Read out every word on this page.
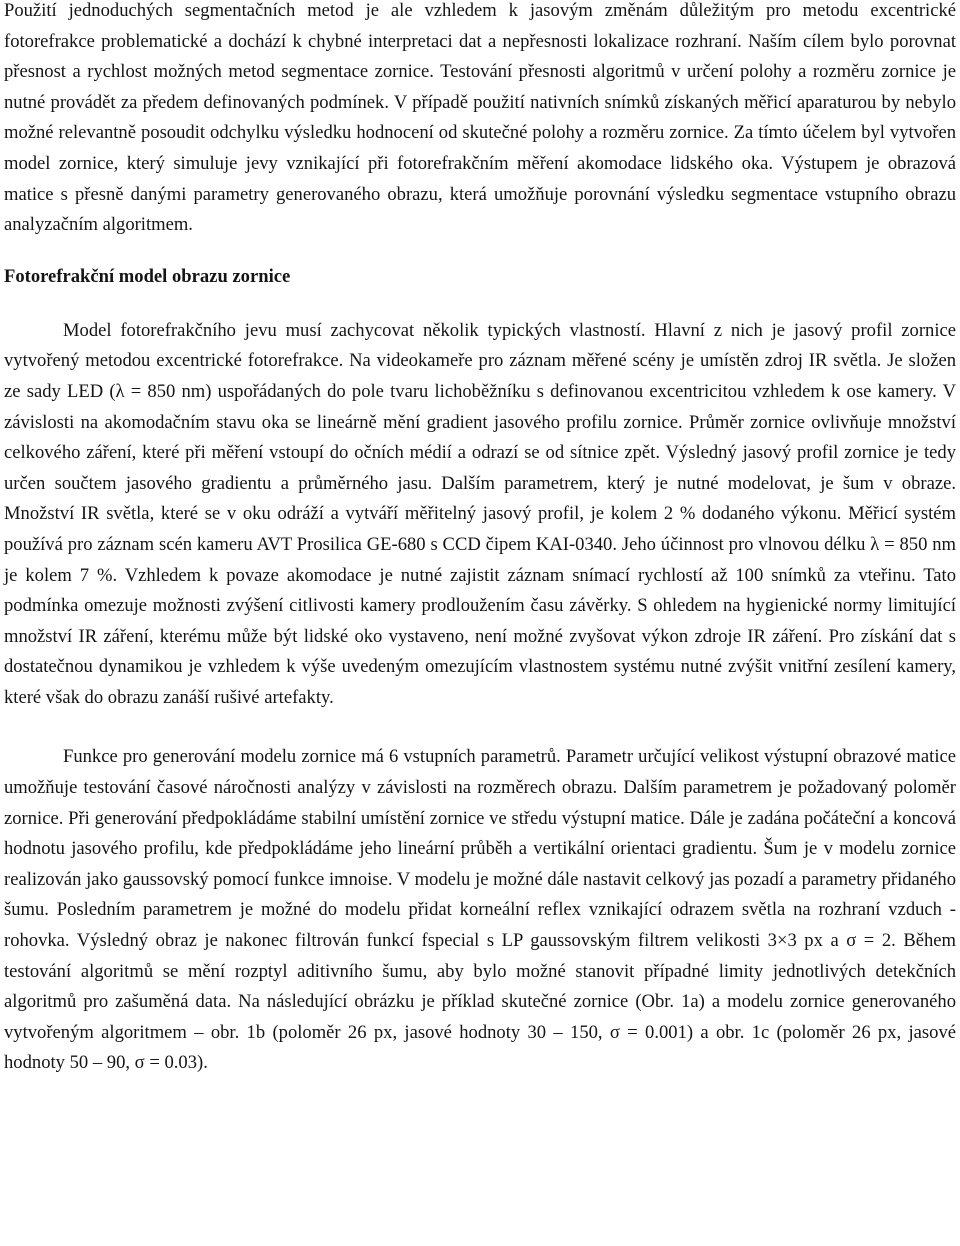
Použití jednoduchých segmentačních metod je ale vzhledem k jasovým změnám důležitým pro metodu excentrické fotorefrakce problematické a dochází k chybné interpretaci dat a nepřesnosti lokalizace rozhraní. Naším cílem bylo porovnat přesnost a rychlost možných metod segmentace zornice. Testování přesnosti algoritmů v určení polohy a rozměru zornice je nutné provádět za předem definovaných podmínek. V případě použití nativních snímků získaných měřicí aparaturou by nebylo možné relevantně posoudit odchylku výsledku hodnocení od skutečné polohy a rozměru zornice. Za tímto účelem byl vytvořen model zornice, který simuluje jevy vznikající při fotorefrakčním měření akomodace lidského oka. Výstupem je obrazová matice s přesně danými parametry generovaného obrazu, která umožňuje porovnání výsledku segmentace vstupního obrazu analyzačním algoritmem.

Fotorefrakční model obrazu zornice

Model fotorefrakčního jevu musí zachycovat několik typických vlastností. Hlavní z nich je jasový profil zornice vytvořený metodou excentrické fotorefrakce. Na videokameře pro záznam měřené scény je umístěn zdroj IR světla. Je složen ze sady LED (λ = 850 nm) uspořádaných do pole tvaru lichoběžníku s definovanou excentricitou vzhledem k ose kamery. V závislosti na akomodačním stavu oka se lineárně mění gradient jasového profilu zornice. Průměr zornice ovlivňuje množství celkového záření, které při měření vstoupí do očních médií a odrazí se od sítnice zpět. Výsledný jasový profil zornice je tedy určen součtem jasového gradientu a průměrného jasu. Dalším parametrem, který je nutné modelovat, je šum v obraze. Množství IR světla, které se v oku odráží a vytváří měřitelný jasový profil, je kolem 2 % dodaného výkonu. Měřicí systém používá pro záznam scén kameru AVT Prosilica GE-680 s CCD čipem KAI-0340. Jeho účinnost pro vlnovou délku λ = 850 nm je kolem 7 %. Vzhledem k povaze akomodace je nutné zajistit záznam snímací rychlostí až 100 snímků za vteřinu. Tato podmínka omezuje možnosti zvýšení citlivosti kamery prodloužením času závěrky. S ohledem na hygienické normy limitující množství IR záření, kterému může být lidské oko vystaveno, není možné zvyšovat výkon zdroje IR záření. Pro získání dat s dostatečnou dynamikou je vzhledem k výše uvedeným omezujícím vlastnostem systému nutné zvýšit vnitřní zesílení kamery, které však do obrazu zanáší rušivé artefakty.

Funkce pro generování modelu zornice má 6 vstupních parametrů. Parametr určující velikost výstupní obrazové matice umožňuje testování časové náročnosti analýzy v závislosti na rozměrech obrazu. Dalším parametrem je požadovaný poloměr zornice. Při generování předpokládáme stabilní umístění zornice ve středu výstupní matice. Dále je zadána počáteční a koncová hodnotu jasového profilu, kde předpokládáme jeho lineární průběh a vertikální orientaci gradientu. Šum je v modelu zornice realizován jako gaussovský pomocí funkce imnoise. V modelu je možné dále nastavit celkový jas pozadí a parametry přidaného šumu. Posledním parametrem je možné do modelu přidat korneální reflex vznikající odrazem světla na rozhraní vzduch - rohovka. Výsledný obraz je nakonec filtrován funkcí fspecial s LP gaussovským filtrem velikosti 3×3 px a σ = 2. Během testování algoritmů se mění rozptyl aditivního šumu, aby bylo možné stanovit případné limity jednotlivých detekčních algoritmů pro zašuměná data. Na následující obrázku je příklad skutečné zornice (Obr. 1a) a modelu zornice generovaného vytvořeným algoritmem – obr. 1b (poloměr 26 px, jasové hodnoty 30 – 150, σ = 0.001) a obr. 1c (poloměr 26 px, jasové hodnoty 50 – 90, σ = 0.03).
